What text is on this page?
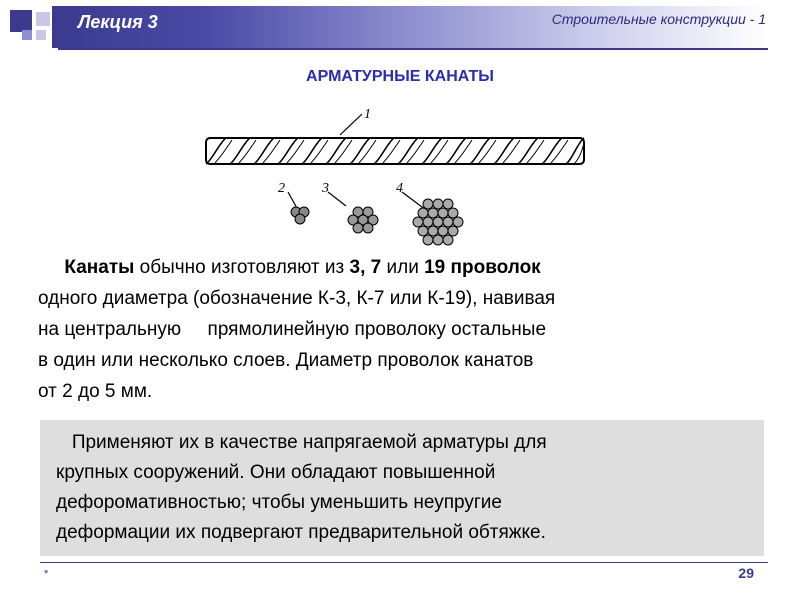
Лекция 3	Строительные конструкции - 1
АРМАТУРНЫЕ КАНАТЫ
1
2	3	4
Канаты обычно изготовляют из 3, 7 или 19 проволок
одного диаметра (обозначение К-3, К-7 или К-19), навивая
на центральную     прямолинейную проволоку остальные
в один или несколько слоев. Диаметр проволок канатов
от 2 до 5 мм.
Применяют их в качестве напрягаемой арматуры для
крупных сооружений. Они обладают повышенной
дефоромативностью; чтобы уменьшить неупругие
деформации их подвергают предварительной обтяжке.
*	29
